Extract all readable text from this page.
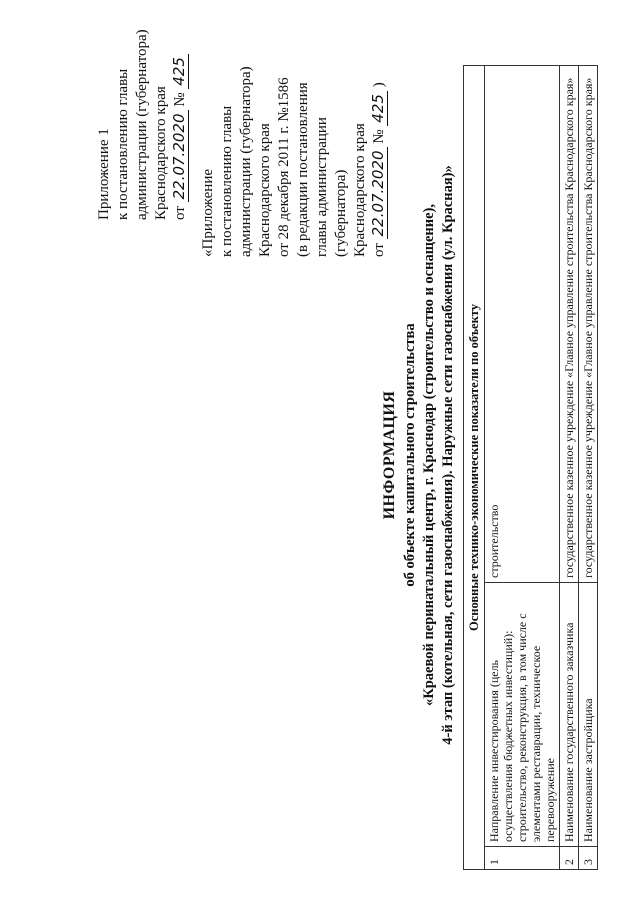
Приложение 1 к постановлению главы администрации (губернатора) Краснодарского края от 22.07.2020 № 425
«Приложение к постановлению главы администрации (губернатора) Краснодарского края от 28 декабря 2011 г. №1586 (в редакции постановления главы администрации (губернатора) Краснодарского края от 22.07.2020 № 425 )
ИНФОРМАЦИЯ об объекте капитального строительства «Краевой перинатальный центр, г. Краснодар (строительство и оснащение), 4-й этап (котельная, сети газоснабжения). Наружные сети газоснабжения (ул. Красная)» Основные технико-экономические показатели по объекту		
1	Направление инвестирования (цель осуществления бюджетных инвестиций): строительство, реконструкция, в том числе с элементами реставрации, техническое перевооружение	строительство
2	Наименование государственного заказчика	государственное казенное учреждение «Главное управление строительства Краснодарского края»
3	Наименование застройщика	государственное казенное учреждение «Главное управление строительства Краснодарского края»
